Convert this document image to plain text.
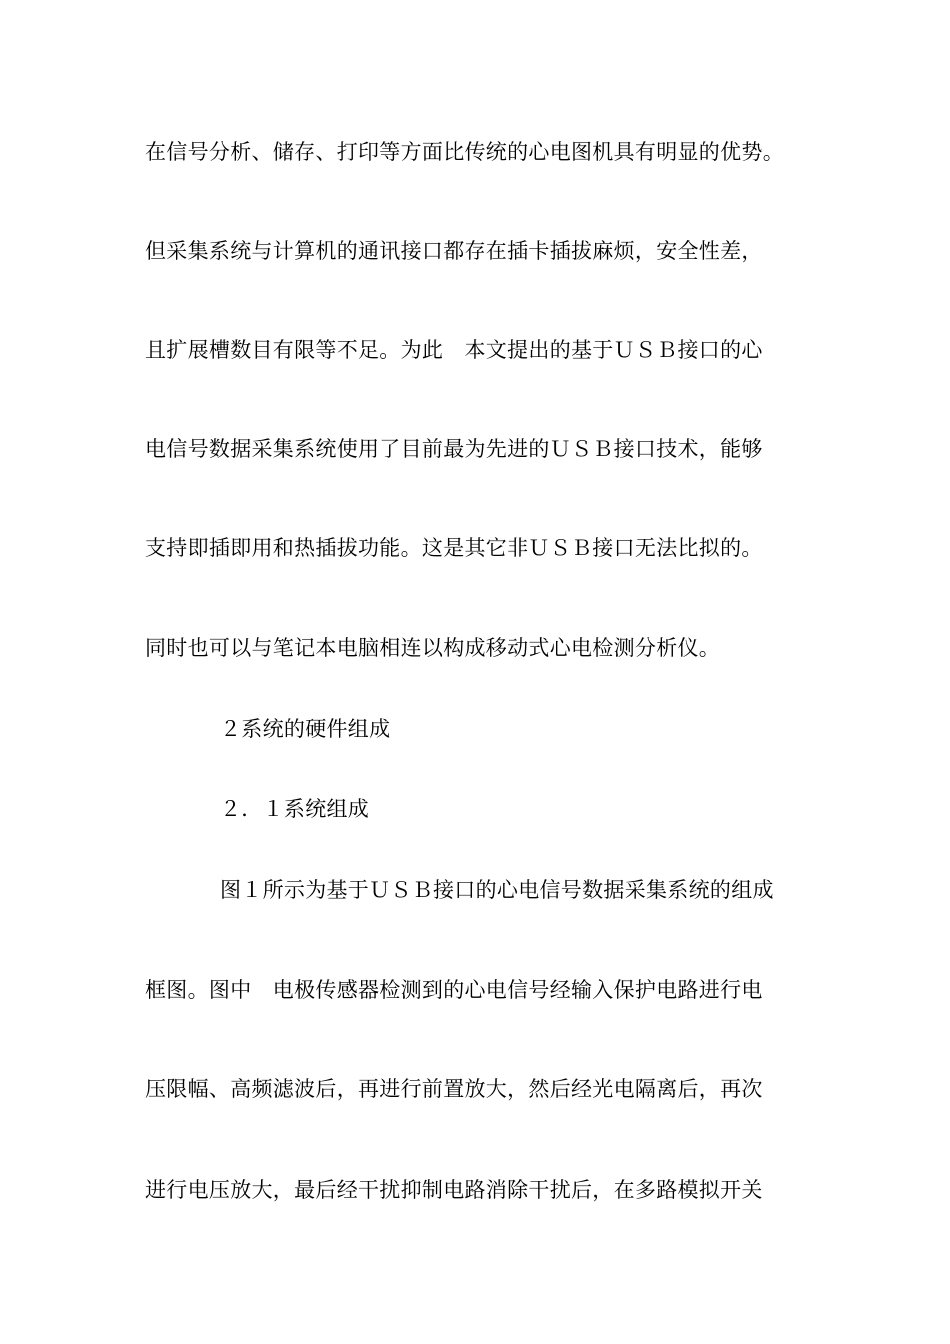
在信号分析、储存、打印等方面比传统的心电图机具有明显的优势。
但采集系统与计算机的通讯接口都存在插卡插拔麻烦，安全性差，
且扩展槽数目有限等不足。为此　本文提出的基于ＵＳＢ接口的心
电信号数据采集系统使用了目前最为先进的ＵＳＢ接口技术，能够
支持即插即用和热插拔功能。这是其它非ＵＳＢ接口无法比拟的。
同时也可以与笔记本电脑相连以构成移动式心电检测分析仪。
２系统的硬件组成
２．１系统组成
图１所示为基于ＵＳＢ接口的心电信号数据采集系统的组成
框图。图中　电极传感器检测到的心电信号经输入保护电路进行电
压限幅、高频滤波后，再进行前置放大，然后经光电隔离后，再次
进行电压放大，最后经干扰抑制电路消除干扰后，在多路模拟开关
